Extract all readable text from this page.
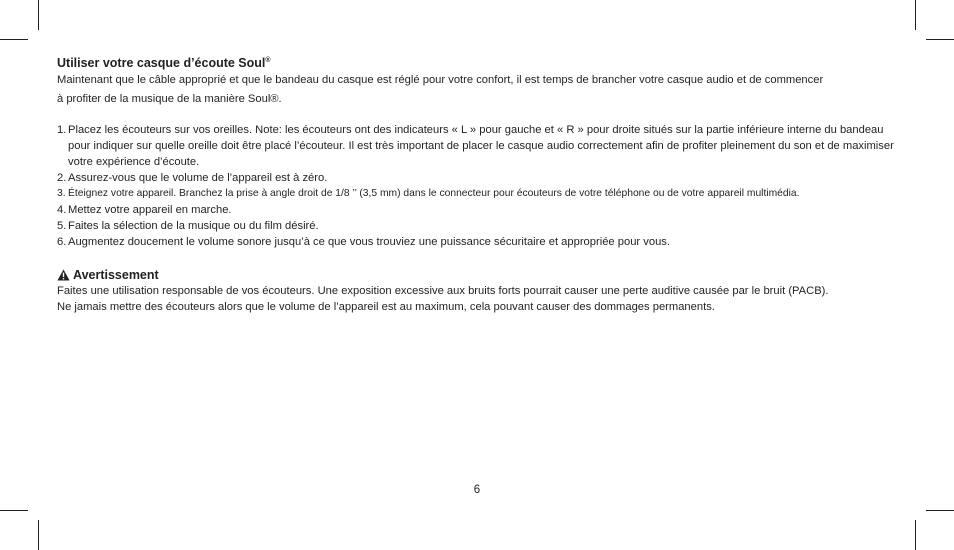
Utiliser votre casque d’écoute Soul®

Maintenant que le câble approprié et que le bandeau du casque est réglé pour votre confort, il est temps de brancher votre casque audio et de commencer
à profiter de la musique de la manière Soul®.

1. Placez les écouteurs sur vos oreilles. Note: les écouteurs ont des indicateurs « L » pour gauche et « R » pour droite situés sur la partie inférieure interne du bandeau pour indiquer sur quelle oreille doit être placé l’écouteur. Il est très important de placer le casque audio correctement afin de profiter pleinement du son et de maximiser votre expérience d’écoute.
2. Assurez-vous que le volume de l’appareil est à zéro.
3. Éteignez votre appareil. Branchez la prise à angle droit de 1/8 ’’ (3,5 mm) dans le connecteur pour écouteurs de votre téléphone ou de votre appareil multimédia.
4. Mettez votre appareil en marche.
5. Faites la sélection de la musique ou du film désiré.
6. Augmentez doucement le volume sonore jusqu’à ce que vous trouviez une puissance sécuritaire et appropriée pour vous.
Avertissement

Faites une utilisation responsable de vos écouteurs. Une exposition excessive aux bruits forts pourrait causer une perte auditive causée par le bruit (PACB).
Ne jamais mettre des écouteurs alors que le volume de l’appareil est au maximum, cela pouvant causer des dommages permanents.

6
